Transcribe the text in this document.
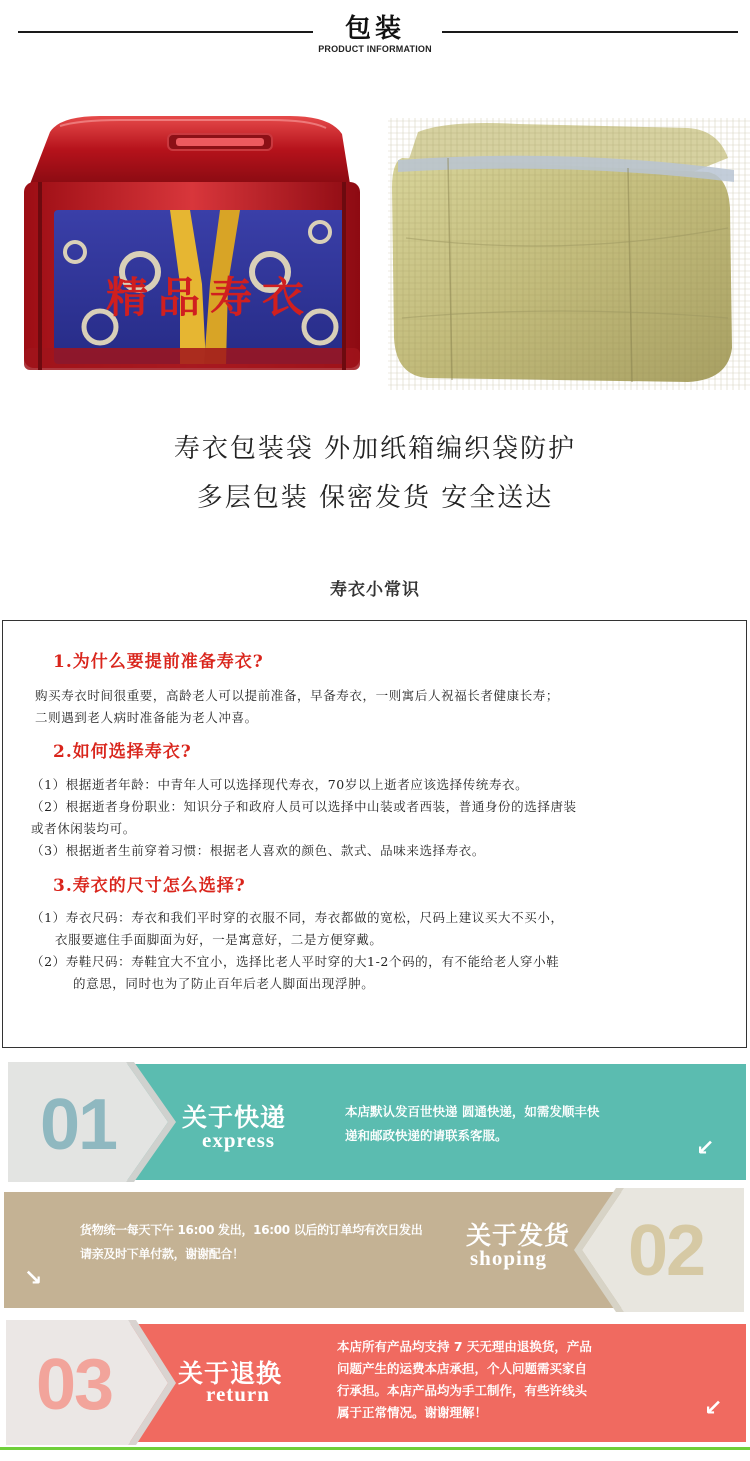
包装
PRODUCT INFORMATION
精品寿衣
寿衣包装袋 外加纸箱编织袋防护
多层包装 保密发货 安全送达
寿衣小常识
1.为什么要提前准备寿衣?
购买寿衣时间很重要，高龄老人可以提前准备，早备寿衣，一则寓后人祝福长者健康长寿；
二则遇到老人病时准备能为老人冲喜。
2.如何选择寿衣?
（1）根据逝者年龄：中青年人可以选择现代寿衣，70岁以上逝者应该选择传统寿衣。
（2）根据逝者身份职业：知识分子和政府人员可以选择中山装或者西装，普通身份的选择唐装
或者休闲装均可。
（3）根据逝者生前穿着习惯：根据老人喜欢的颜色、款式、品味来选择寿衣。
3.寿衣的尺寸怎么选择?
（1）寿衣尺码：寿衣和我们平时穿的衣服不同，寿衣都做的宽松，尺码上建议买大不买小，
衣服要遮住手面脚面为好，一是寓意好，二是方便穿戴。
（2）寿鞋尺码：寿鞋宜大不宜小，选择比老人平时穿的大1-2个码的，有不能给老人穿小鞋
的意思，同时也为了防止百年后老人脚面出现浮肿。
01	关于快递
express
本店默认发百世快递 圆通快递，如需发顺丰快
递和邮政快递的请联系客服。
↙
货物统一每天下午 16:00 发出，16:00 以后的订单均有次日发出
请亲及时下单付款，谢谢配合！
关于发货
shoping 02
↘
03	关于退换
return
本店所有产品均支持 7 天无理由退换货，产品
问题产生的运费本店承担，个人问题需买家自
行承担。本店产品均为手工制作，有些许线头
属于正常情况。谢谢理解！	↙
